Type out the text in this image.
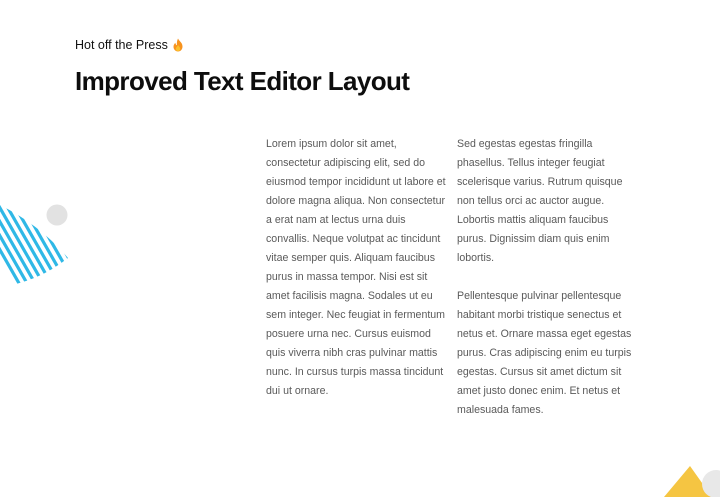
Hot off the Press
Improved Text Editor Layout

Lorem ipsum dolor sit amet, consectetur adipiscing elit, sed do eiusmod tempor incididunt ut labore et dolore magna aliqua. Non consectetur a erat nam at lectus urna duis convallis. Neque volutpat ac tincidunt vitae semper quis. Aliquam faucibus purus in massa tempor. Nisi est sit amet facilisis magna. Sodales ut eu sem integer. Nec feugiat in fermentum posuere urna nec. Cursus euismod quis viverra nibh cras pulvinar mattis nunc. In cursus turpis massa tincidunt dui ut ornare.

Sed egestas egestas fringilla phasellus. Tellus integer feugiat scelerisque varius. Rutrum quisque non tellus orci ac auctor augue. Lobortis mattis aliquam faucibus purus. Dignissim diam quis enim lobortis.

Pellentesque pulvinar pellentesque habitant morbi tristique senectus et netus et. Ornare massa eget egestas purus. Cras adipiscing enim eu turpis egestas. Cursus sit amet dictum sit amet justo donec enim. Et netus et malesuada fames.
